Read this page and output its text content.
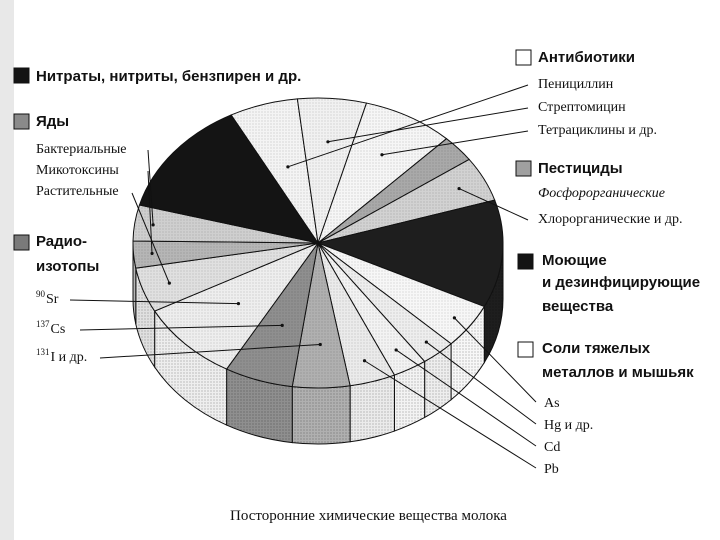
Нитраты, нитриты, бензпирен и др.
Яды
Бактериальные
Микотоксины
Растительные
Радио-
изотопы
$^{90}$Sr
$^{137}$Cs
$^{131}$I и др.
Антибиотики
Пенициллин
Стрептомицин
Тетрациклины и др.
Пестициды
Фосфорорганические
Хлорорганические и др.
Моющие
и дезинфицирующие
вещества
Соли тяжелых
металлов и мышьяк
As
Hg и др.
Cd
Pb
Посторонние химические вещества молока
